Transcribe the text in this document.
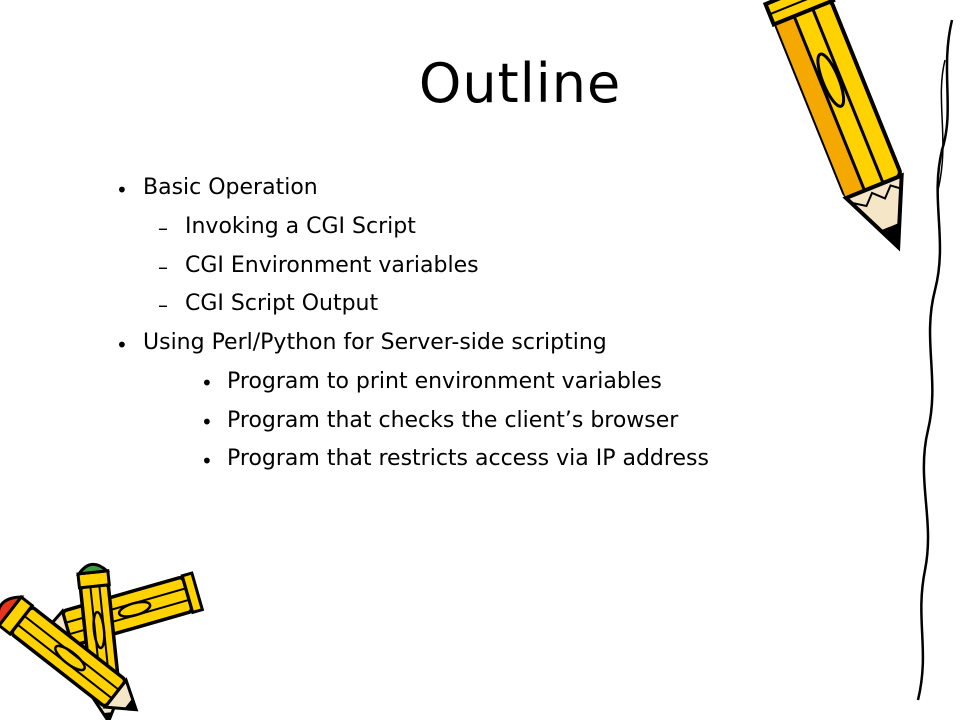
Outline
• Basic Operation
– Invoking a CGI Script
– CGI Environment variables
– CGI Script Output
• Using Perl/Python for Server-side scripting
• Program to print environment variables
• Program that checks the client’s browser
• Program that restricts access via IP address
